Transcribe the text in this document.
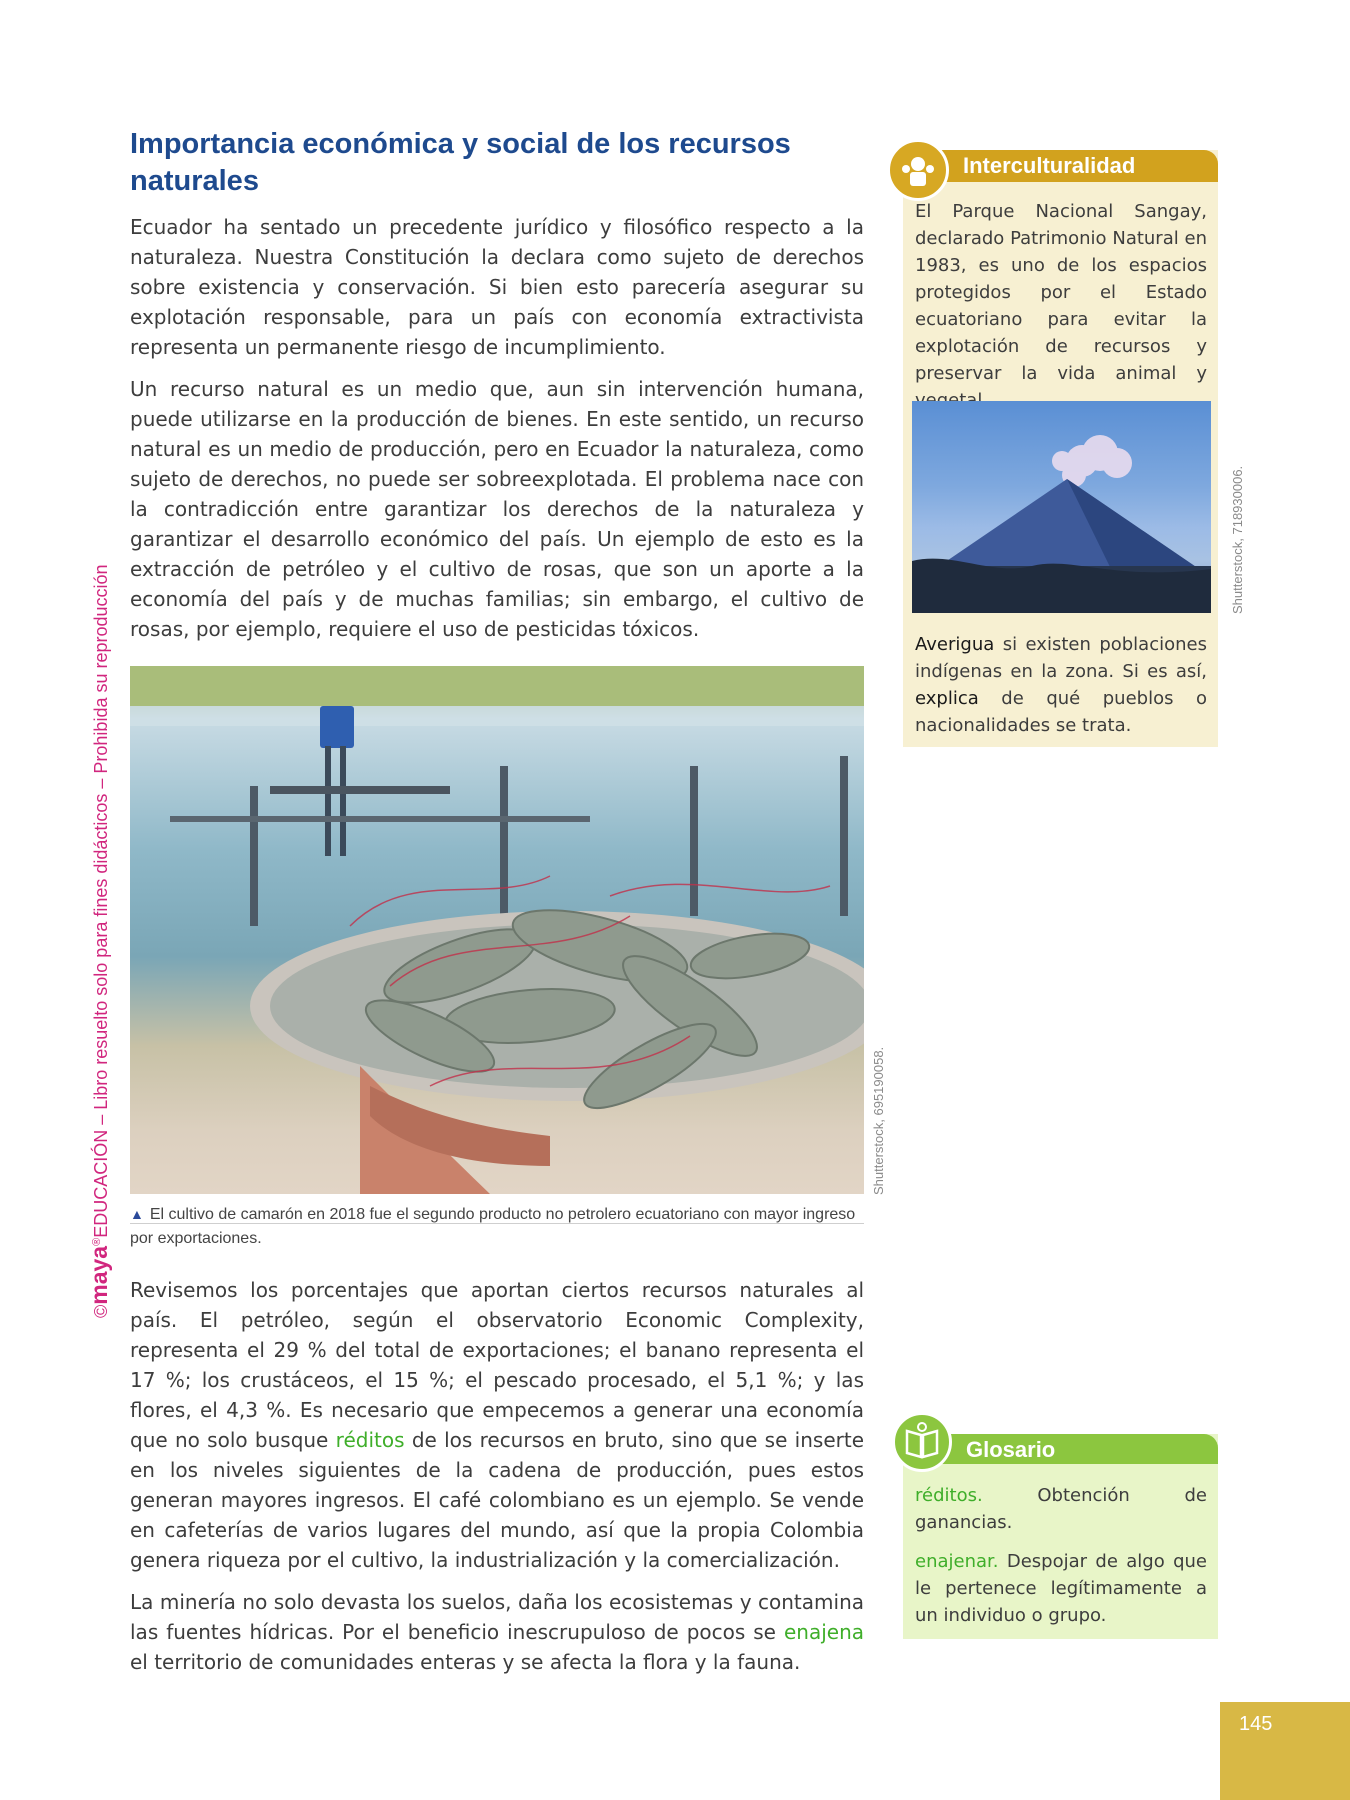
©maya®EDUCACIÓN – Libro resuelto solo para fines didácticos – Prohibida su reproducción
Importancia económica y social de los recursos naturales

Ecuador ha sentado un precedente jurídico y filosófico respecto a la naturaleza. Nuestra Constitución la declara como sujeto de derechos sobre existencia y conservación. Si bien esto parecería asegurar su explotación responsable, para un país con economía extractivista representa un permanente riesgo de incumplimiento.

Un recurso natural es un medio que, aun sin intervención humana, puede utilizarse en la producción de bienes. En este sentido, un recurso natural es un medio de producción, pero en Ecuador la naturaleza, como sujeto de derechos, no puede ser sobreexplotada. El problema nace con la contradicción entre garantizar los derechos de la naturaleza y garantizar el desarrollo económico del país. Un ejemplo de esto es la extracción de petróleo y el cultivo de rosas, que son un aporte a la economía del país y de muchas familias; sin embargo, el cultivo de rosas, por ejemplo, requiere el uso de pesticidas tóxicos.

Shutterstock, 695190058.
▲ El cultivo de camarón en 2018 fue el segundo producto no petrolero ecuatoriano con mayor ingreso por exportaciones.

Revisemos los porcentajes que aportan ciertos recursos naturales al país. El petróleo, según el observatorio Economic Complexity, representa el 29 % del total de exportaciones; el banano representa el 17 %; los crustáceos, el 15 %; el pescado procesado, el 5,1 %; y las flores, el 4,3 %. Es necesario que empecemos a generar una economía que no solo busque réditos de los recursos en bruto, sino que se inserte en los niveles siguientes de la cadena de producción, pues estos generan mayores ingresos. El café colombiano es un ejemplo. Se vende en cafeterías de varios lugares del mundo, así que la propia Colombia genera riqueza por el cultivo, la industrialización y la comercialización.

La minería no solo devasta los suelos, daña los ecosistemas y contamina las fuentes hídricas. Por el beneficio inescrupuloso de pocos se enajena el territorio de comunidades enteras y se afecta la flora y la fauna.

Interculturalidad
El Parque Nacional Sangay, declarado Patrimonio Natural en 1983, es uno de los espacios protegidos por el Estado ecuatoriano para evitar la explotación de recursos y preservar la vida animal y
Shutterstock, 718930006.
Averigua si existen poblaciones indígenas en la zona. Si es así, explica de qué pueblos o nacionalidades se trata.
Glosario
réditos.	Obtención de ganancias.
enajenar. Despojar de algo que le pertenece legítimamente a un individuo o grupo.
145
